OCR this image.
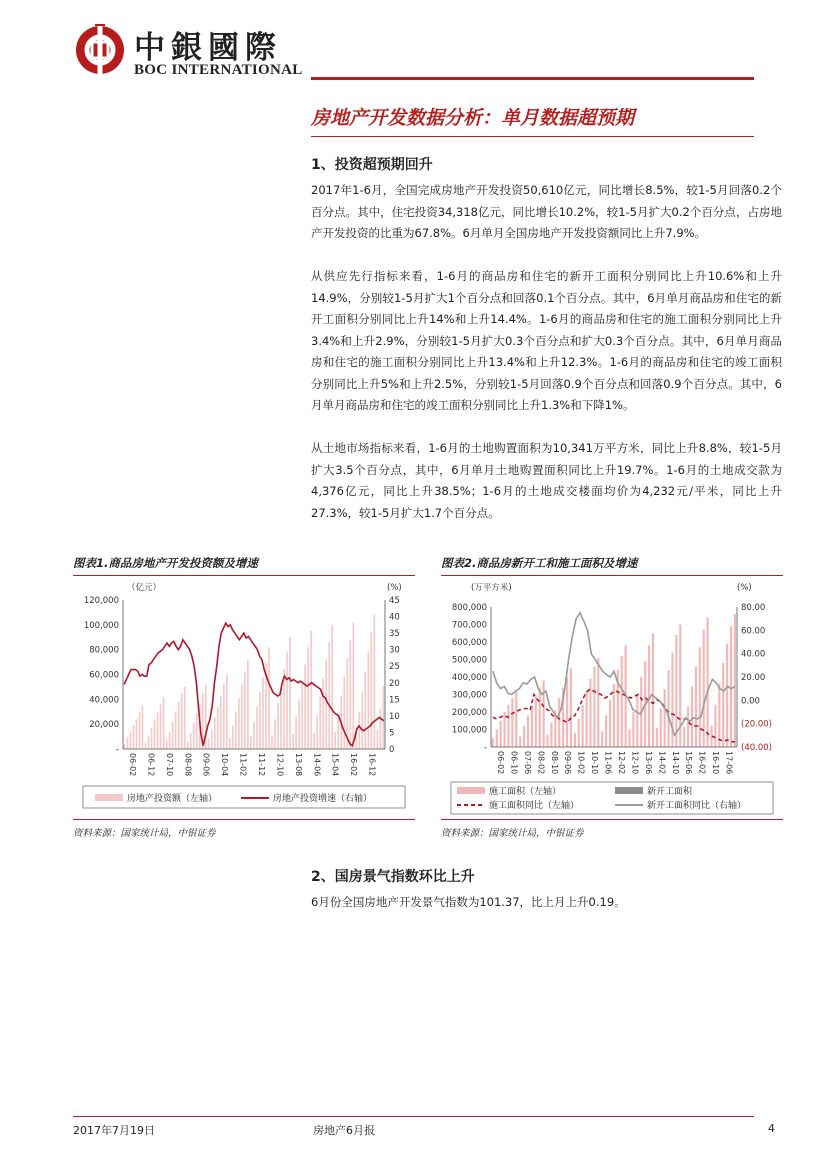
中銀國際
BOC INTERNATIONAL
房地产开发数据分析：单月数据超预期
1、投资超预期回升
2017年1-6月，全国完成房地产开发投资50,610亿元，同比增长8.5%，较1-5月回落0.2个百分点。其中，住宅投资34,318亿元，同比增长10.2%，较1-5月扩大0.2个百分点，占房地产开发投资的比重为67.8%。6月单月全国房地产开发投资额同比上升7.9%。
从供应先行指标来看，1-6月的商品房和住宅的新开工面积分别同比上升10.6%和上升14.9%，分别较1-5月扩大1个百分点和回落0.1个百分点。其中，6月单月商品房和住宅的新开工面积分别同比上升14%和上升14.4%。1-6月的商品房和住宅的施工面积分别同比上升3.4%和上升2.9%，分别较1-5月扩大0.3个百分点和扩大0.3个百分点。其中，6月单月商品房和住宅的施工面积分别同比上升13.4%和上升12.3%。1-6月的商品房和住宅的竣工面积分别同比上升5%和上升2.5%，分别较1-5月回落0.9个百分点和回落0.9个百分点。其中，6月单月商品房和住宅的竣工面积分别同比上升1.3%和下降1%。
从土地市场指标来看，1-6月的土地购置面积为10,341万平方米，同比上升8.8%，较1-5月扩大3.5个百分点，其中，6月单月土地购置面积同比上升19.7%。1-6月的土地成交款为4,376亿元，同比上升38.5%；1-6月的土地成交楼面均价为4,232元/平米，同比上升27.3%，较1-5月扩大1.7个百分点。
图表1.商品房地产开发投资额及增速
（亿元）	(%)
120,000
100,000
80,000
60,000
40,000
20,000
-
45
40
35
30
25
20
15
10
5
0
06-02 06-12 07-10 08-08 09-06 10-04 11-02 11-12 12-10 13-08 14-06 15-04 16-02 16-12
房地产投资额（左轴）	房地产投资增速（右轴）
资料来源：国家统计局，中银证券
图表2.商品房新开工和施工面积及增速
(万平方米)	(%)
800,000
700,000
600,000
500,000
400,000
300,000
200,000
100,000
-
80.00
60.00
40.00
20.00
0.00
(20.00)
(40.00)
06-02 06-10 07-06 08-02 08-10 09-06 10-02 10-10 11-06 12-02 12-10 13-06 14-02 14-10 15-06 16-02 16-10 17-06
施工面积（左轴）	新开工面积
施工面积同比（左轴）	新开工面积同比（右轴）
资料来源：国家统计局，中银证券
2、国房景气指数环比上升
6月份全国房地产开发景气指数为101.37，比上月上升0.19。
2017年7月19日	房地产6月报	4
